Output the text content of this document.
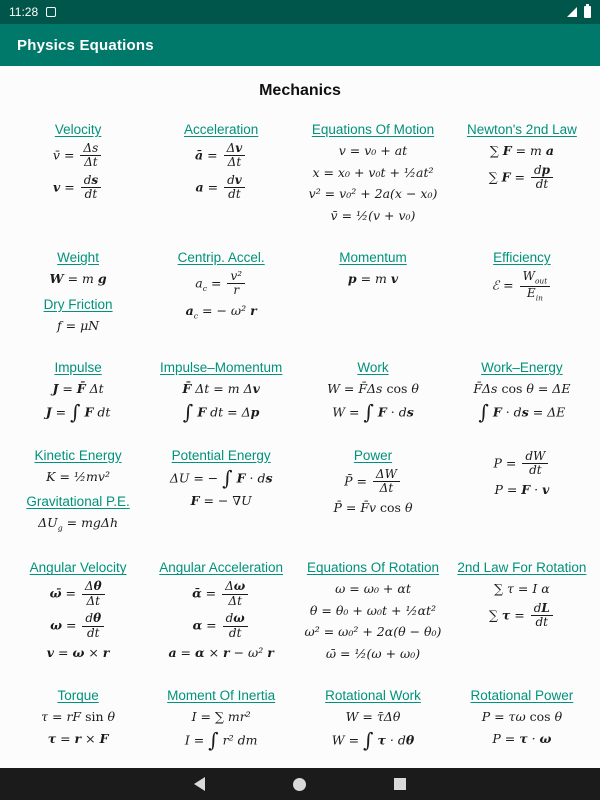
11:28
Physics Equations
Mechanics
Velocity
v̄ = $\frac{\Delta s}{\Delta t}$
$v = \frac{ds}{dt}$
Acceleration
ā = $\frac{\Delta v}{\Delta t}$
$a = \frac{dv}{dt}$
Equations Of Motion
v = v₀ + at
x = x₀ + v₀t + ½at²
v² = v₀² + 2a(x − x₀)
v̄ = ½(v + v₀)
Newton's 2nd Law
∑ F = m a
∑ $F = \frac{dp}{dt}$
Weight
W = m g
Dry Friction
f = μN
Centrip. Accel.
$a_c = \frac{\text{v²}}{r}$
$a_c$ = − ω² r
Momentum
p = m v
Efficiency
ℰ = $\frac{W_{out}}{E_{in}}$
Impulse
J = F̄ Δt
J = ∫ F dt
Impulse–Momentum
F̄ Δt = m Δv
∫ F dt = Δp
Work
W = F̄Δs cos θ
W = ∫ F · ds
Work–Energy
F̄Δs cos θ = ΔE
∫ F · ds = ΔE
Kinetic Energy
K = ½mv²
Gravitational P.E.
$\Delta U_g = mg\Delta h$
Potential Energy
ΔU = − ∫ F · ds
F = − ∇U
Power
P̄ = $\frac{\Delta W}{\Delta t}$
P̄ = F̄v cos θ
$P = \frac{dW}{dt}$
P = F · v
Angular Velocity
ω̄ = $\frac{\Delta\theta}{\Delta t}$
$\omega = \frac{d\theta}{dt}$
v = ω × r
Angular Acceleration
ᾱ = $\frac{\Delta\omega}{\Delta t}$
$\alpha = \frac{d\omega}{dt}$
a = α × r − ω² r
Equations Of Rotation
ω = ω₀ + αt
θ = θ₀ + ω₀t + ½αt²
ω² = ω₀² + 2α(θ − θ₀)
ω̄ = ½(ω + ω₀)
2nd Law For Rotation
∑ τ = I α
∑ $\tau = \frac{dL}{dt}$
Torque
τ = rF sin θ
τ = r × F
Moment Of Inertia
I = ∑ mr²
I = ∫ r² dm
Rotational Work
W = τ̄Δθ
W = ∫ τ · dθ
Rotational Power
P = τω cos θ
P = τ · ω
